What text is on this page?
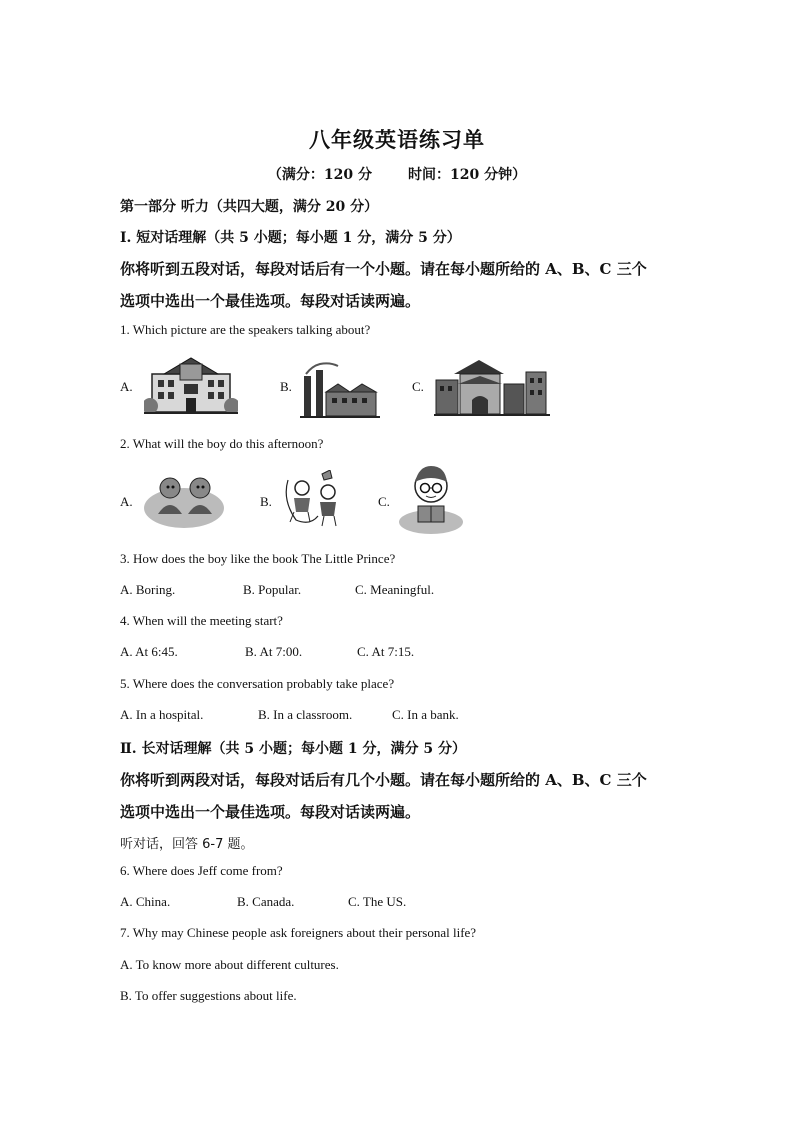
八年级英语练习单
（满分：120 分	时间：120 分钟）
第一部分 听力（共四大题，满分 20 分）
Ⅰ. 短对话理解（共 5 小题；每小题 1 分，满分 5 分）
你将听到五段对话，每段对话后有一个小题。请在每小题所给的 A、B、C 三个
选项中选出一个最佳选项。每段对话读两遍。
1. Which picture are the speakers talking about?
A.	B.	C.
2. What will the boy do this afternoon?
A.	B.	C.
3. How does the boy like the book The Little Prince?
A. Boring.	B. Popular.	C. Meaningful.
4. When will the meeting start?
A. At 6:45.	B. At 7:00.	C. At 7:15.
5. Where does the conversation probably take place?
A. In a hospital.	B. In a classroom.	C. In a bank.
Ⅱ. 长对话理解（共 5 小题；每小题 1 分，满分 5 分）
你将听到两段对话，每段对话后有几个小题。请在每小题所给的 A、B、C 三个
选项中选出一个最佳选项。每段对话读两遍。
听对话，回答 6-7 题。
6. Where does Jeff come from?
A. China.	B. Canada.	C. The US.
7. Why may Chinese people ask foreigners about their personal life?
A. To know more about different cultures.
B. To offer suggestions about life.
